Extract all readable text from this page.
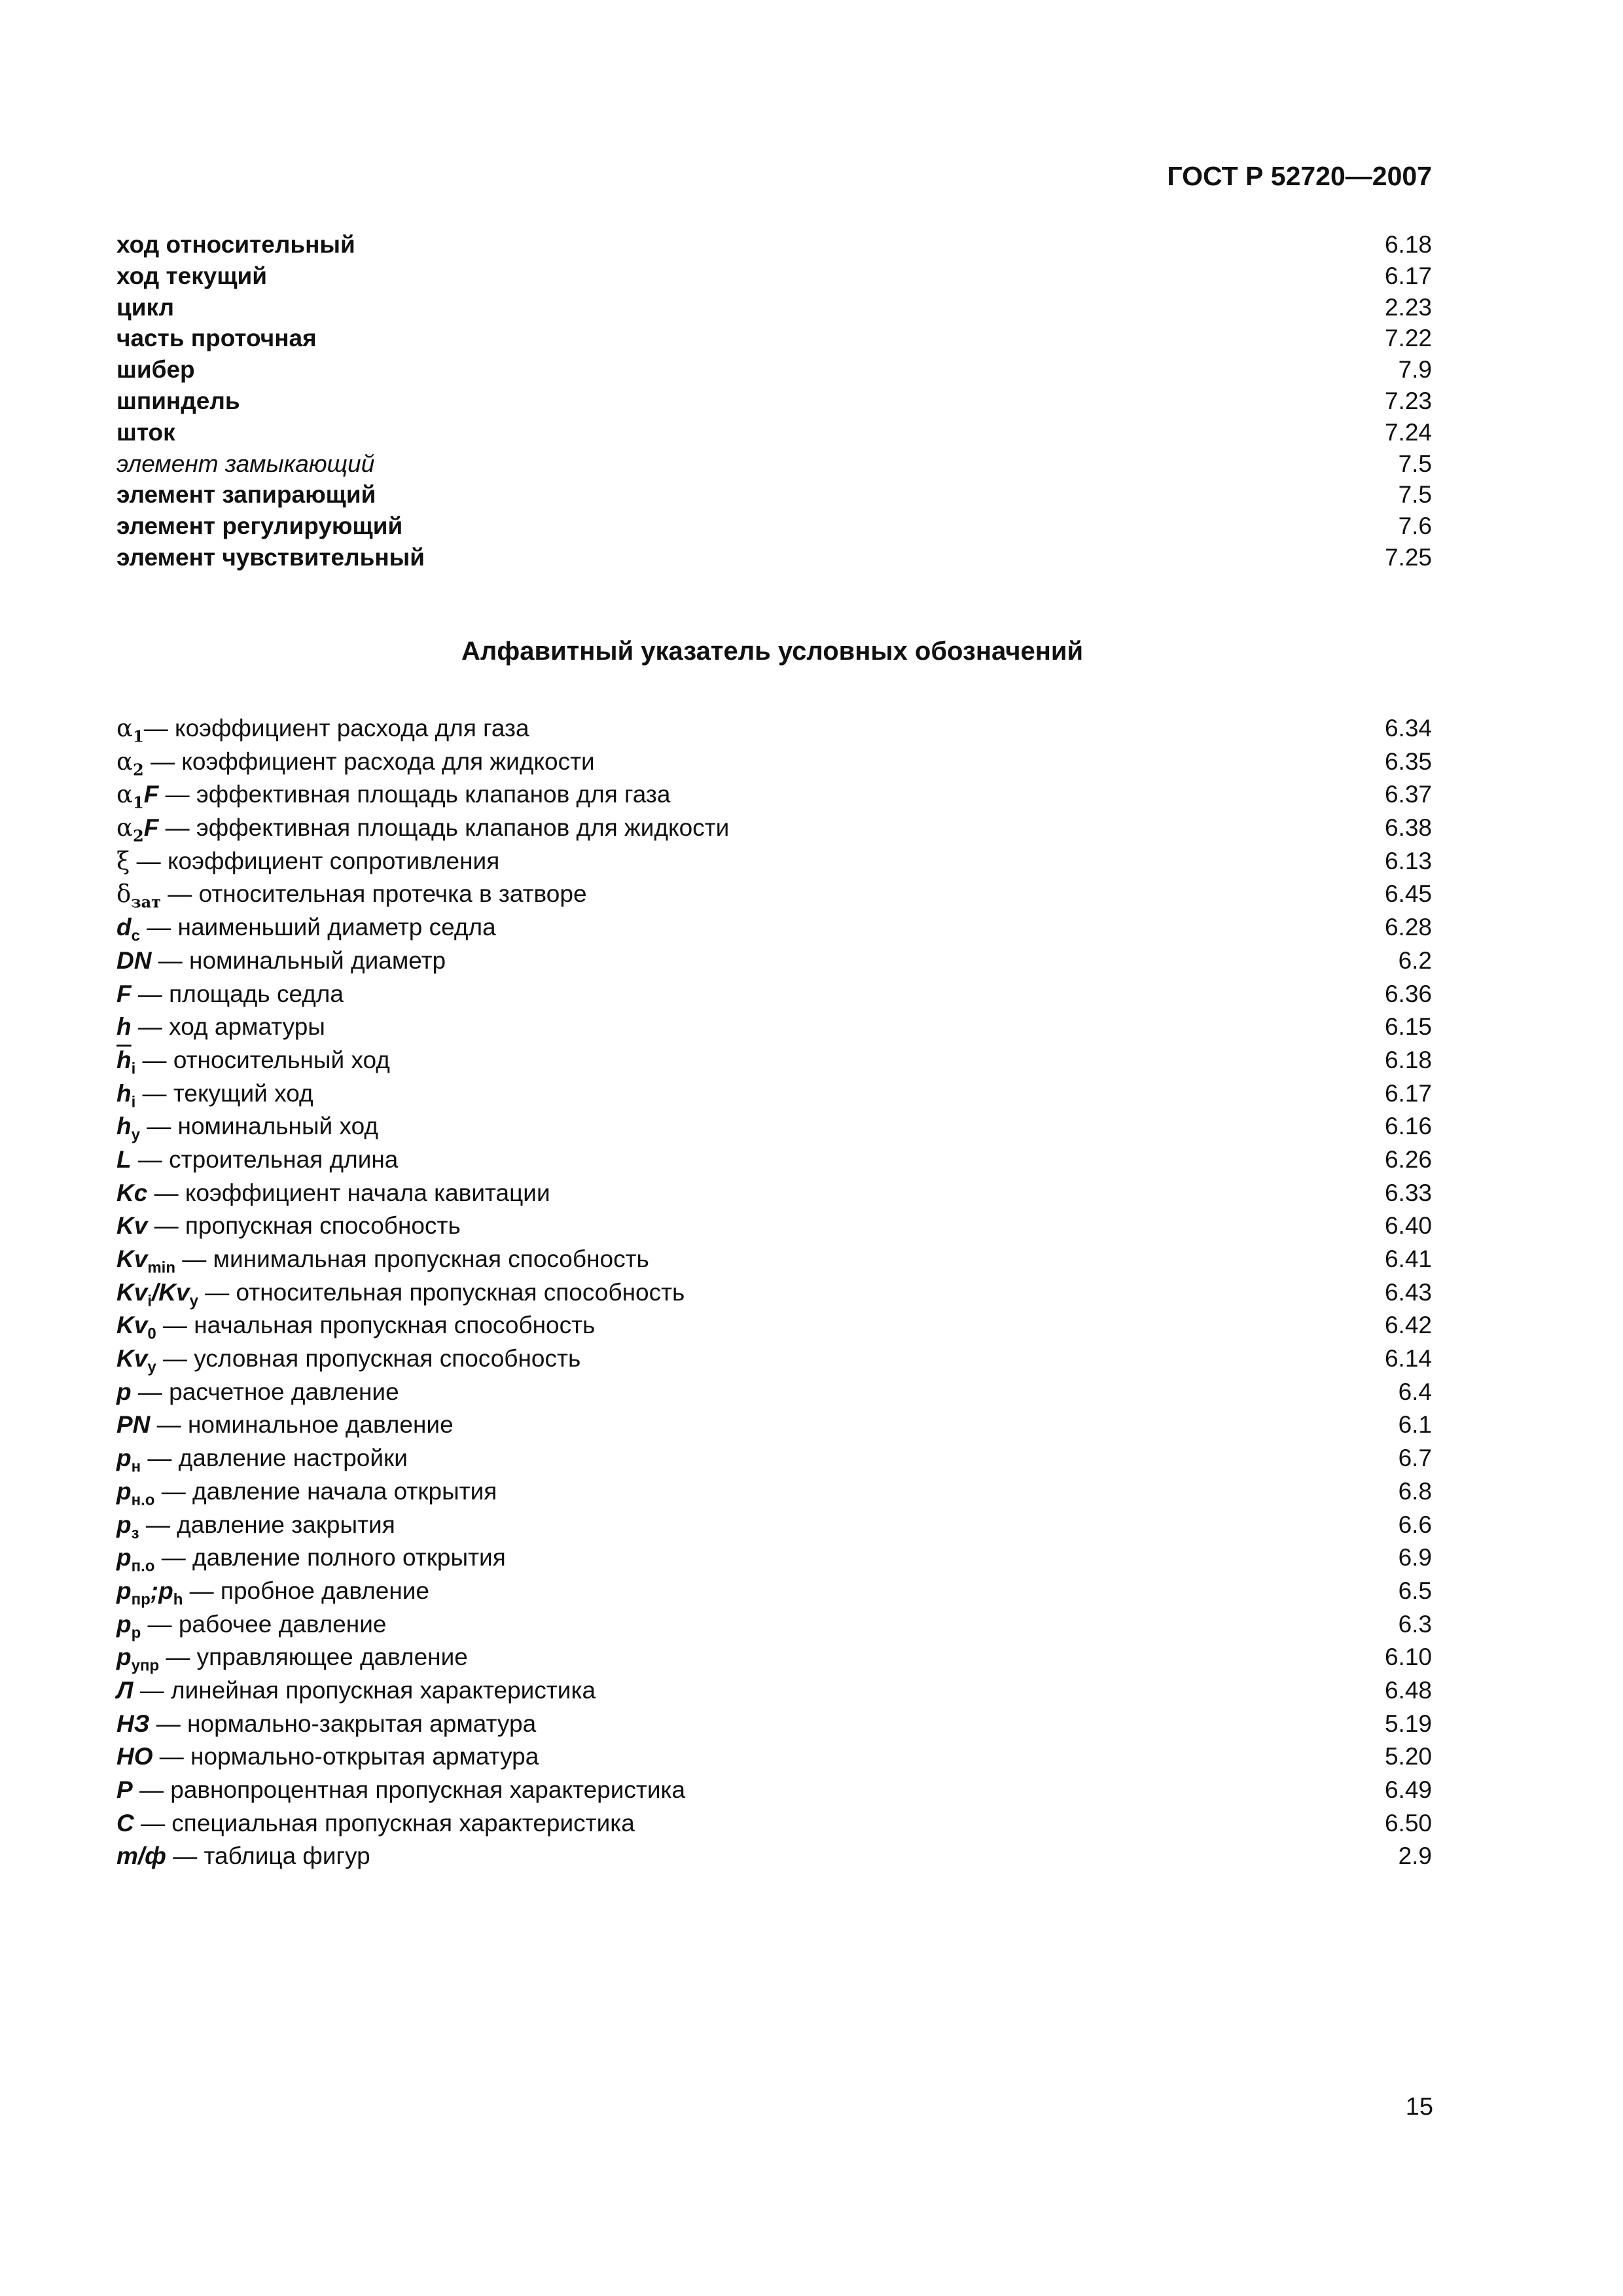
ГОСТ Р 52720—2007
ход относительный	6.18
ход текущий	6.17
цикл	2.23
часть проточная	7.22
шибер	7.9
шпиндель	7.23
шток	7.24
элемент замыкающий	7.5
элемент запирающий	7.5
элемент регулирующий	7.6
элемент чувствительный	7.25
Алфавитный указатель условных обозначений
$\alpha_1—$ коэффициент расхода для газа	6.34
$\alpha_2$ — коэффициент расхода для жидкости	6.35
$\alpha_1F$ — эффективная площадь клапанов для газа	6.37
$\alpha_2F$ — эффективная площадь клапанов для жидкости	6.38
ξ — коэффициент сопротивления	6.13
$\delta_{зат}$ — относительная протечка в затворе	6.45
$d_с$ — наименьший диаметр седла	6.28
DN — номинальный диаметр	6.2
F — площадь седла	6.36
h — ход арматуры	6.15
$\overline{h}_i$ — относительный ход	6.18
$h_i$ — текущий ход	6.17
$h_у$ — номинальный ход	6.16
L — строительная длина	6.26
Kc — коэффициент начала кавитации	6.33
Kv — пропускная способность	6.40
$Kv_{min}$ — минимальная пропускная способность	6.41
$Kv_i/Kv_у$ — относительная пропускная способность	6.43
$Kv_0$ — начальная пропускная способность	6.42
$Kv_у$ — условная пропускная способность	6.14
p — расчетное давление	6.4
PN — номинальное давление	6.1
$p_н$ — давление настройки	6.7
$p_{н.о}$ — давление начала открытия	6.8
$p_з$ — давление закрытия	6.6
$p_{п.о}$ — давление полного открытия	6.9
$p_{пр};p_h$ — пробное давление	6.5
$p_р$ — рабочее давление	6.3
$p_{упр}$ — управляющее давление	6.10
Л — линейная пропускная характеристика	6.48
НЗ — нормально-закрытая арматура	5.19
НО — нормально-открытая арматура	5.20
Р — равнопроцентная пропускная характеристика	6.49
С — специальная пропускная характеристика	6.50
т/ф — таблица фигур	2.9
15
